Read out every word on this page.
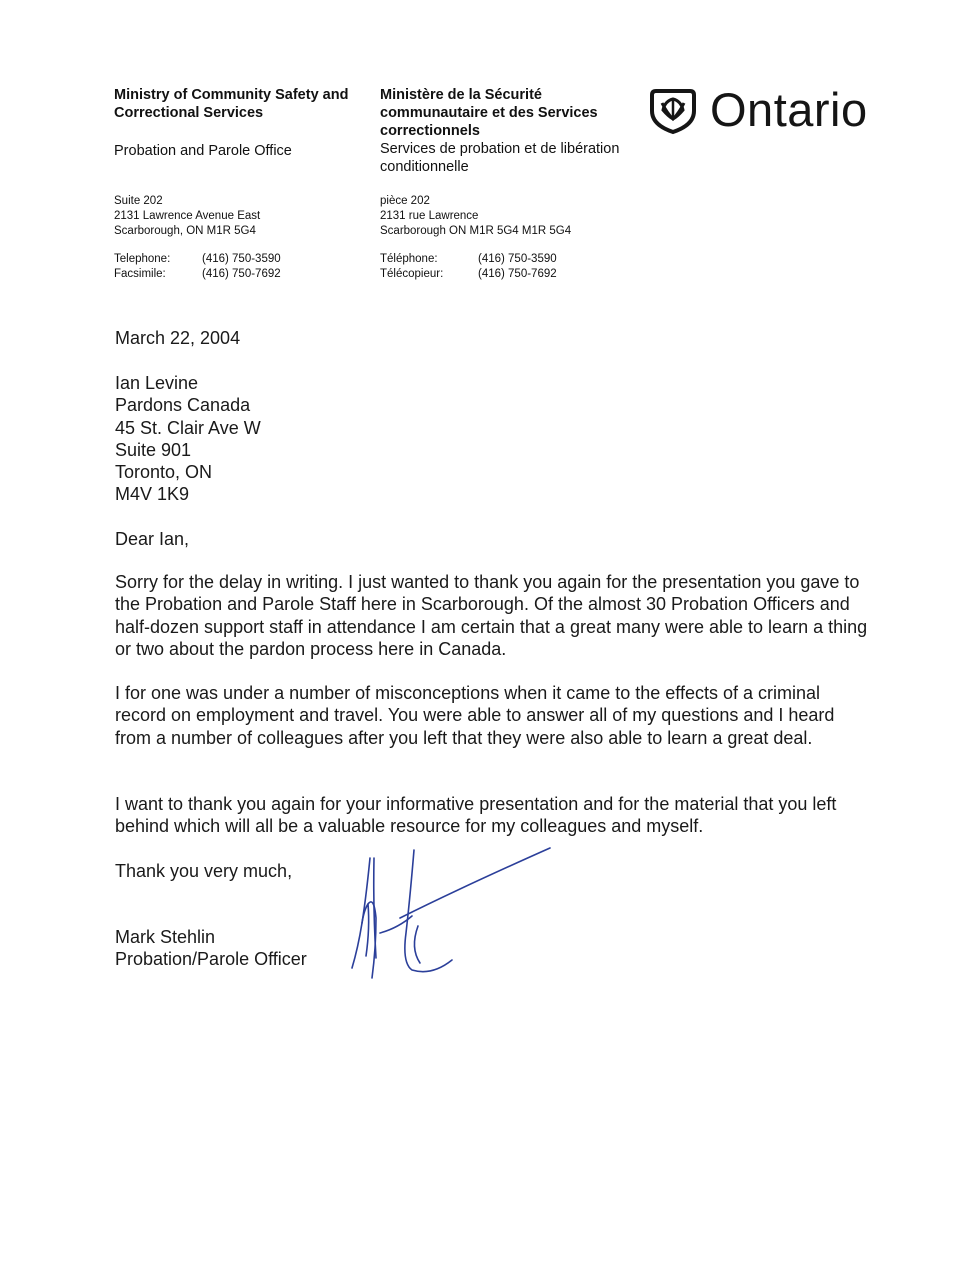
Ministry of Community Safety and Correctional Services

Probation and Parole Office

Suite 202
2131 Lawrence Avenue East
Scarborough, ON M1R 5G4
Telephone:	(416) 750-3590
Facsimile:	(416) 750-7692

Ministère de la Sécurité communautaire et des Services correctionnels

Services de probation et de libération conditionnelle

pièce 202
2131 rue Lawrence
Scarborough ON M1R 5G4 M1R 5G4
Téléphone:	(416) 750-3590
Télécopieur:	(416) 750-7692
Ontario
March 22, 2004
Ian Levine
Pardons Canada
45 St. Clair Ave W
Suite 901
Toronto, ON
M4V 1K9
Dear Ian,

Sorry for the delay in writing. I just wanted to thank you again for the presentation you gave to the Probation and Parole Staff here in Scarborough. Of the almost 30 Probation Officers and half-dozen support staff in attendance I am certain that a great many were able to learn a thing or two about the pardon process here in Canada.

I for one was under a number of misconceptions when it came to the effects of a criminal record on employment and travel. You were able to answer all of my questions and I heard from a number of colleagues after you left that they were also able to learn a great deal.

I want to thank you again for your informative presentation and for the material that you left behind which will all be a valuable resource for my colleagues and myself.

Thank you very much,
Mark Stehlin
Probation/Parole Officer
